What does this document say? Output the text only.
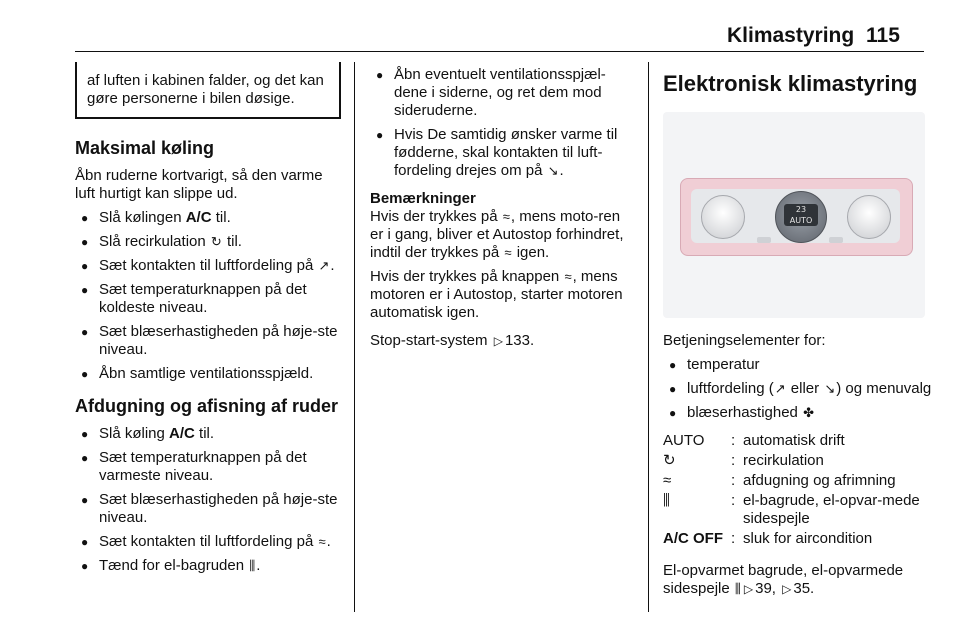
Klimastyring 115
af luften i kabinen falder, og det kan gøre personerne i bilen døsige.
Maksimal køling

Åbn ruderne kortvarigt, så den varme luft hurtigt kan slippe ud.

● Slå kølingen A/C til.
● Slå recirkulation ↻ til.
● Sæt kontakten til luftfordeling på ↗.
● Sæt temperaturknappen på det koldeste niveau.
● Sæt blæserhastigheden på høje-ste niveau.
● Åbn samtlige ventilationsspjæld.
Afdugning og afisning af ruder
● Slå køling A/C til.
● Sæt temperaturknappen på det varmeste niveau.
● Sæt blæserhastigheden på høje-ste niveau.
● Sæt kontakten til luftfordeling på ≈.
● Tænd for el-bagruden ⫼.
● Åbn eventuelt ventilationsspjæl-dene i siderne, og ret dem mod sideruderne.
● Hvis De samtidig ønsker varme til fødderne, skal kontakten til luft-fordeling drejes om på ↘.
Bemærkninger

Hvis der trykkes på ≈, mens moto-ren er i gang, bliver et Autostop forhindret, indtil der trykkes på ≈ igen.

Hvis der trykkes på knappen ≈, mens motoren er i Autostop, starter motoren automatisk igen.

Stop-start-system ▷ 133.

Elektronisk klimastyring
23
AUTO

Betjeningselementer for:

● temperatur
● luftfordeling (↗ eller ↘) og menuvalg
● blæserhastighed ✤
AUTO	: automatisk drift
↻	: recirkulation
≈	: afdugning og afrimning
⫼	: el-bagrude, el-opvar-mede sidespejle
A/C OFF : sluk for aircondition

El-opvarmet bagrude, el-opvarmede sidespejle ⫼ ▷ 39, ▷ 35.
